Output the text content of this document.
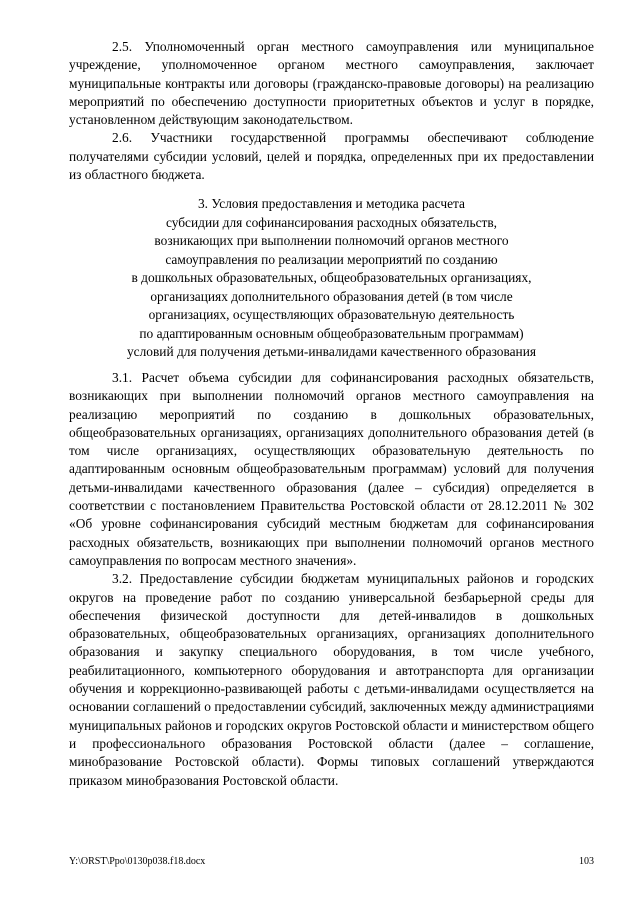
2.5. Уполномоченный орган местного самоуправления или муниципальное учреждение, уполномоченное органом местного самоуправления, заключает муниципальные контракты или договоры (гражданско-правовые договоры) на реализацию мероприятий по обеспечению доступности приоритетных объектов и услуг в порядке, установленном действующим законодательством.

2.6. Участники государственной программы обеспечивают соблюдение получателями субсидии условий, целей и порядка, определенных при их предоставлении из областного бюджета.

3. Условия предоставления и методика расчета
субсидии для софинансирования расходных обязательств,
возникающих при выполнении полномочий органов местного
самоуправления по реализации мероприятий по созданию
в дошкольных образовательных, общеобразовательных организациях,
организациях дополнительного образования детей (в том числе
организациях, осуществляющих образовательную деятельность
по адаптированным основным общеобразовательным программам)
условий для получения детьми-инвалидами качественного образования

3.1. Расчет объема субсидии для софинансирования расходных обязательств, возникающих при выполнении полномочий органов местного самоуправления на реализацию мероприятий по созданию в дошкольных образовательных, общеобразовательных организациях, организациях дополнительного образования детей (в том числе организациях, осуществляющих образовательную деятельность по адаптированным основным общеобразовательным программам) условий для получения детьми-инвалидами качественного образования (далее – субсидия) определяется в соответствии с постановлением Правительства Ростовской области от 28.12.2011 № 302 «Об уровне софинансирования субсидий местным бюджетам для софинансирования расходных обязательств, возникающих при выполнении полномочий органов местного самоуправления по вопросам местного значения».

3.2. Предоставление субсидии бюджетам муниципальных районов и городских округов на проведение работ по созданию универсальной безбарьерной среды для обеспечения физической доступности для детей-инвалидов в дошкольных образовательных, общеобразовательных организациях, организациях дополнительного образования и закупку специального оборудования, в том числе учебного, реабилитационного, компьютерного оборудования и автотранспорта для организации обучения и коррекционно-развивающей работы с детьми-инвалидами осуществляется на основании соглашений о предоставлении субсидий, заключенных между администрациями муниципальных районов и городских округов Ростовской области и министерством общего и профессионального образования Ростовской области (далее – соглашение, минобразование Ростовской области). Формы типовых соглашений утверждаются приказом минобразования Ростовской области.

Y:\ORST\Ppo\0130p038.f18.docx	103
